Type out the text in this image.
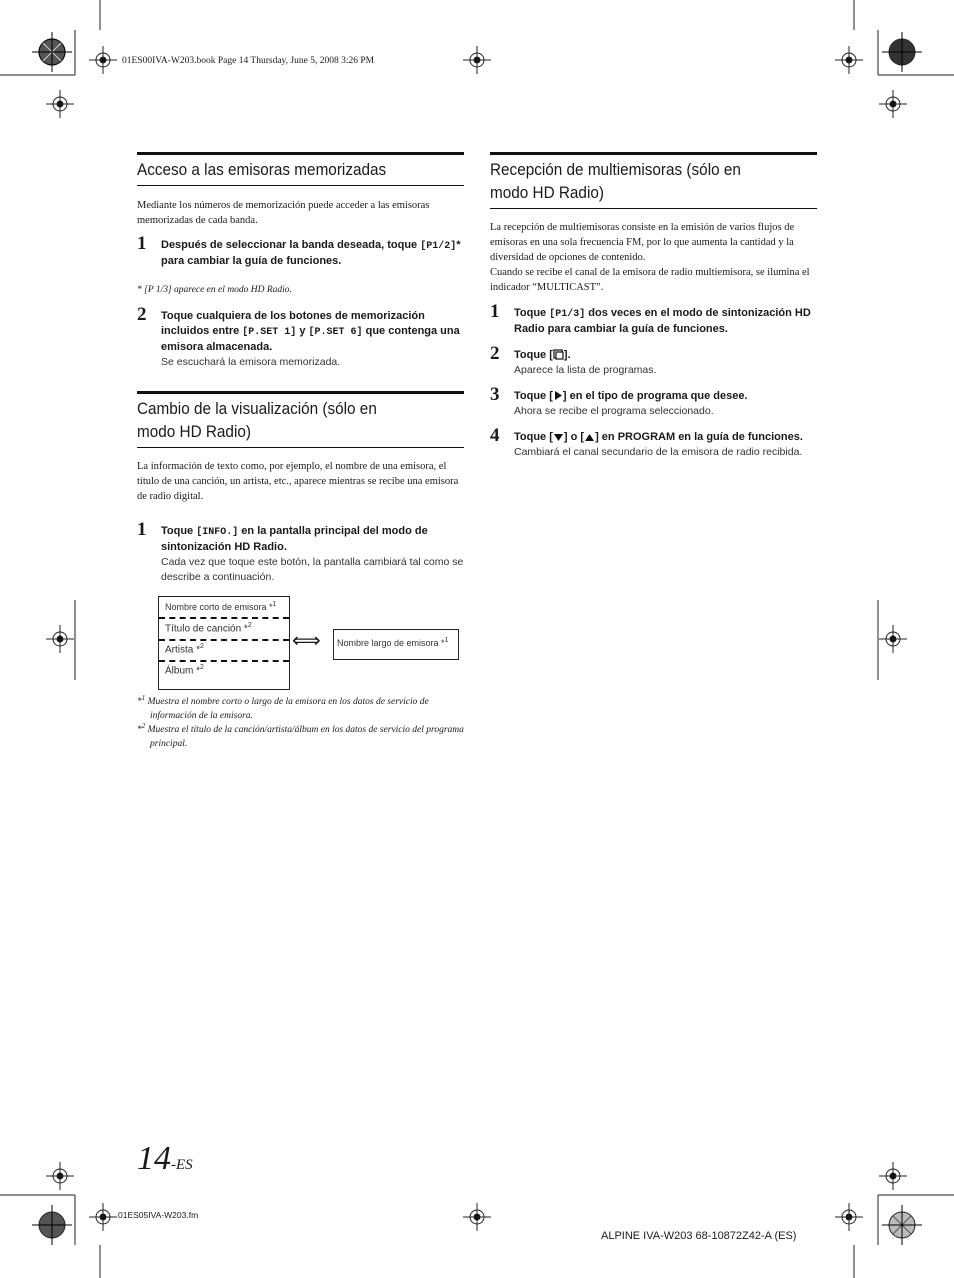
01ES00IVA-W203.book Page 14 Thursday, June 5, 2008 3:26 PM
Acceso a las emisoras memorizadas
Mediante los números de memorización puede acceder a las emisoras memorizadas de cada banda.
1 Después de seleccionar la banda deseada, toque [P1/2]* para cambiar la guía de funciones.
* [P 1/3] aparece en el modo HD Radio.
2 Toque cualquiera de los botones de memorización incluidos entre [P.SET 1] y [P.SET 6] que contenga una emisora almacenada.
Se escuchará la emisora memorizada.
Cambio de la visualización (sólo en
modo HD Radio)
La información de texto como, por ejemplo, el nombre de una emisora, el título de una canción, un artista, etc., aparece mientras se recibe una emisora de radio digital.
1 Toque [INFO.] en la pantalla principal del modo de sintonización HD Radio.
Cada vez que toque este botón, la pantalla cambiará tal como se describe a continuación.
Nombre corto de emisora *$^1$
Título de canción *$^2$
Artista *$^2$
Álbum *$^2$
⟺ Nombre largo de emisora *$^1$
*$^1$ Muestra el nombre corto o largo de la emisora en los datos de servicio de información de la emisora.
*$^2$ Muestra el título de la canción/artista/álbum en los datos de servicio del programa principal.
Recepción de multiemisoras (sólo en
modo HD Radio)
La recepción de multiemisoras consiste en la emisión de varios flujos de emisoras en una sola frecuencia FM, por lo que aumenta la cantidad y la diversidad de opciones de contenido.
Cuando se recibe el canal de la emisora de radio multiemisora, se ilumina el indicador “MULTICAST”.
1 Toque [P1/3] dos veces en el modo de sintonización HD Radio para cambiar la guía de funciones.
2 Toque [ ].
Aparece la lista de programas.
3 Toque [ ] en el tipo de programa que desee.
Ahora se recibe el programa seleccionado.
4 Toque [ ] o [ ] en PROGRAM en la guía de funciones.
Cambiará el canal secundario de la emisora de radio recibida.
14-ES
01ES05IVA-W203.fm
ALPINE IVA-W203 68-10872Z42-A (ES)
